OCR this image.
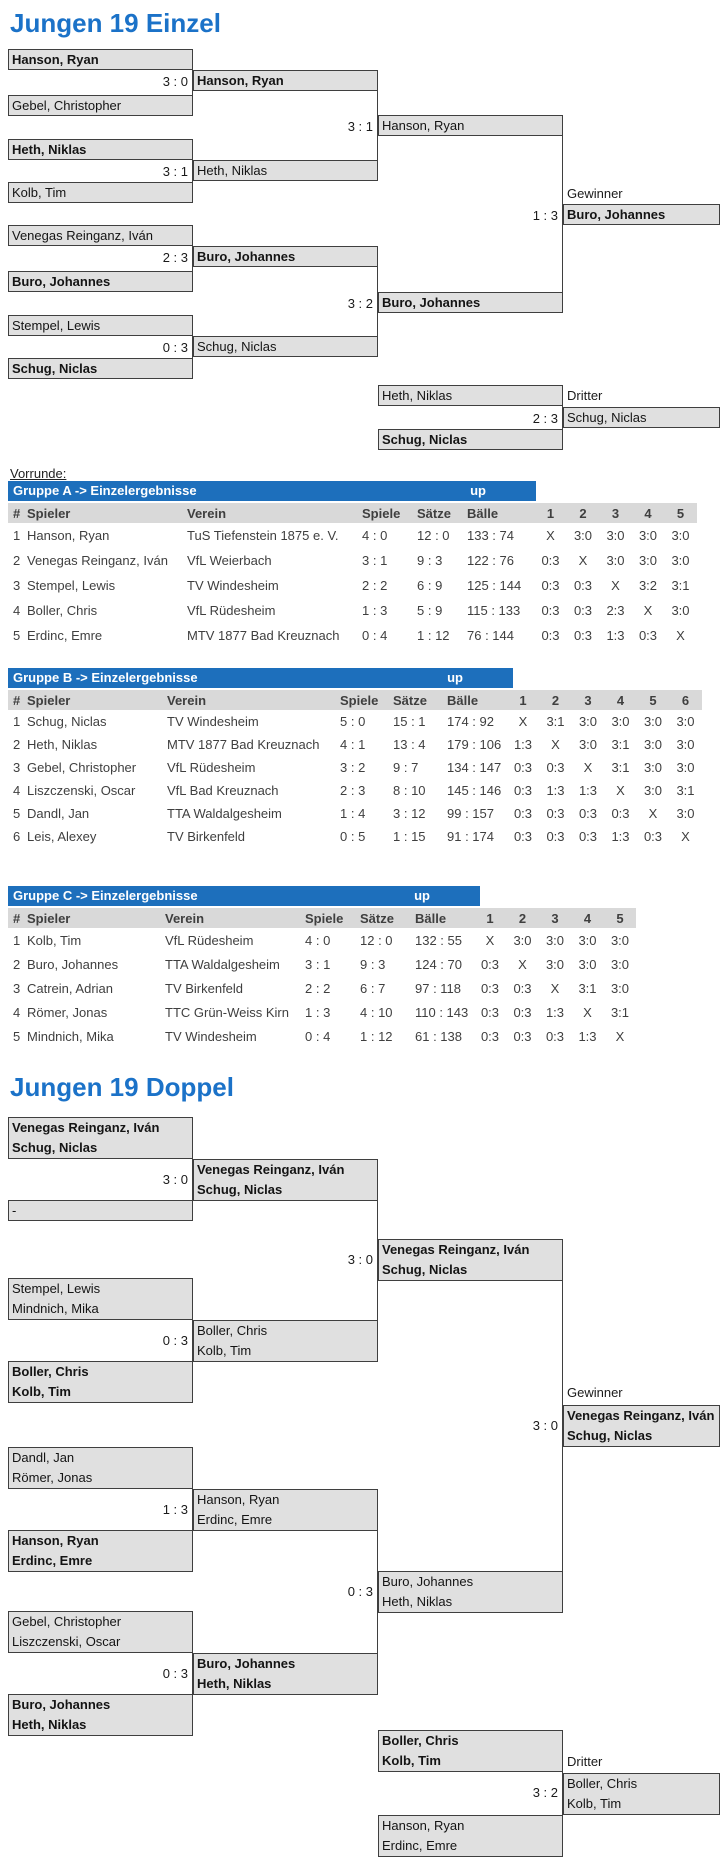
Jungen 19 Einzel
Hanson, Ryan
Gebel, Christopher
Heth, Niklas
Kolb, Tim
Venegas Reinganz, Iván
Buro, Johannes
Stempel, Lewis
Schug, Niclas
Hanson, Ryan
Heth, Niklas
Buro, Johannes
Schug, Niclas
Hanson, Ryan
Buro, Johannes
Gewinner
Buro, Johannes
Heth, Niklas	Dritter
Schug, Niclas
Schug, Niclas
3 : 0
3 : 1
2 : 3
0 : 3
3 : 1
3 : 2
1 : 3
2 : 3
Vorrunde:
Gruppe A -> Einzelergebnisse	up
#	Spieler	Verein	Spiele	Sätze	Bälle	1	2	3	4	5
1	Hanson, Ryan	TuS Tiefenstein 1875 e. V.	4 : 0	12 : 0	133 : 74	X	3:0	3:0	3:0	3:0
2	Venegas Reinganz, Iván	VfL Weierbach	3 : 1	9 : 3	122 : 76	0:3	X	3:0	3:0	3:0
3	Stempel, Lewis	TV Windesheim	2 : 2	6 : 9	125 : 144	0:3	0:3	X	3:2	3:1
4	Boller, Chris	VfL Rüdesheim	1 : 3	5 : 9	115 : 133	0:3	0:3	2:3	X	3:0
5	Erdinc, Emre	MTV 1877 Bad Kreuznach	0 : 4	1 : 12	76 : 144	0:3	0:3	1:3	0:3	X
Gruppe B -> Einzelergebnisse	up
#	Spieler	Verein	Spiele	Sätze	Bälle	1	2	3	4	5	6
1	Schug, Niclas	TV Windesheim	5 : 0	15 : 1	174 : 92	X	3:1	3:0	3:0	3:0	3:0
2	Heth, Niklas	MTV 1877 Bad Kreuznach	4 : 1	13 : 4	179 : 106	1:3	X	3:0	3:1	3:0	3:0
3	Gebel, Christopher	VfL Rüdesheim	3 : 2	9 : 7	134 : 147	0:3	0:3	X	3:1	3:0	3:0
4	Liszczenski, Oscar	VfL Bad Kreuznach	2 : 3	8 : 10	145 : 146	0:3	1:3	1:3	X	3:0	3:1
5	Dandl, Jan	TTA Waldalgesheim	1 : 4	3 : 12	99 : 157	0:3	0:3	0:3	0:3	X	3:0
6	Leis, Alexey	TV Birkenfeld	0 : 5	1 : 15	91 : 174	0:3	0:3	0:3	1:3	0:3	X
Gruppe C -> Einzelergebnisse	up
#	Spieler	Verein	Spiele	Sätze	Bälle	1	2	3	4	5
1	Kolb, Tim	VfL Rüdesheim	4 : 0	12 : 0	132 : 55	X	3:0	3:0	3:0	3:0
2	Buro, Johannes	TTA Waldalgesheim	3 : 1	9 : 3	124 : 70	0:3	X	3:0	3:0	3:0
3	Catrein, Adrian	TV Birkenfeld	2 : 2	6 : 7	97 : 118	0:3	0:3	X	3:1	3:0
4	Römer, Jonas	TTC Grün-Weiss Kirn	1 : 3	4 : 10	110 : 143	0:3	0:3	1:3	X	3:1
5	Mindnich, Mika	TV Windesheim	0 : 4	1 : 12	61 : 138	0:3	0:3	0:3	1:3	X
Jungen 19 Doppel
Venegas Reinganz, Iván
Schug, Niclas
-
Stempel, Lewis
Mindnich, Mika
Boller, Chris
Kolb, Tim
Dandl, Jan
Römer, Jonas
Hanson, Ryan
Erdinc, Emre
Gebel, Christopher
Liszczenski, Oscar
Buro, Johannes
Heth, Niklas
Venegas Reinganz, Iván
Schug, Niclas
Boller, Chris
Kolb, Tim
Hanson, Ryan
Erdinc, Emre
Buro, Johannes
Heth, Niklas
Venegas Reinganz, Iván
Schug, Niclas
Buro, Johannes
Heth, Niklas
Gewinner
Venegas Reinganz, Iván
Schug, Niclas
Boller, Chris
Kolb, Tim	Dritter
Boller, Chris
Kolb, Tim
Hanson, Ryan
Erdinc, Emre
3 : 0
0 : 3
1 : 3
0 : 3
3 : 0
0 : 3
3 : 0
3 : 2
